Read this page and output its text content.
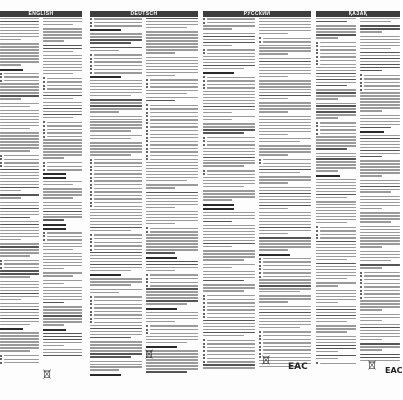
ENGLISH	DEUTSCH	РУССКИЙ	ҚАЗАҚ
EAC	EAC
